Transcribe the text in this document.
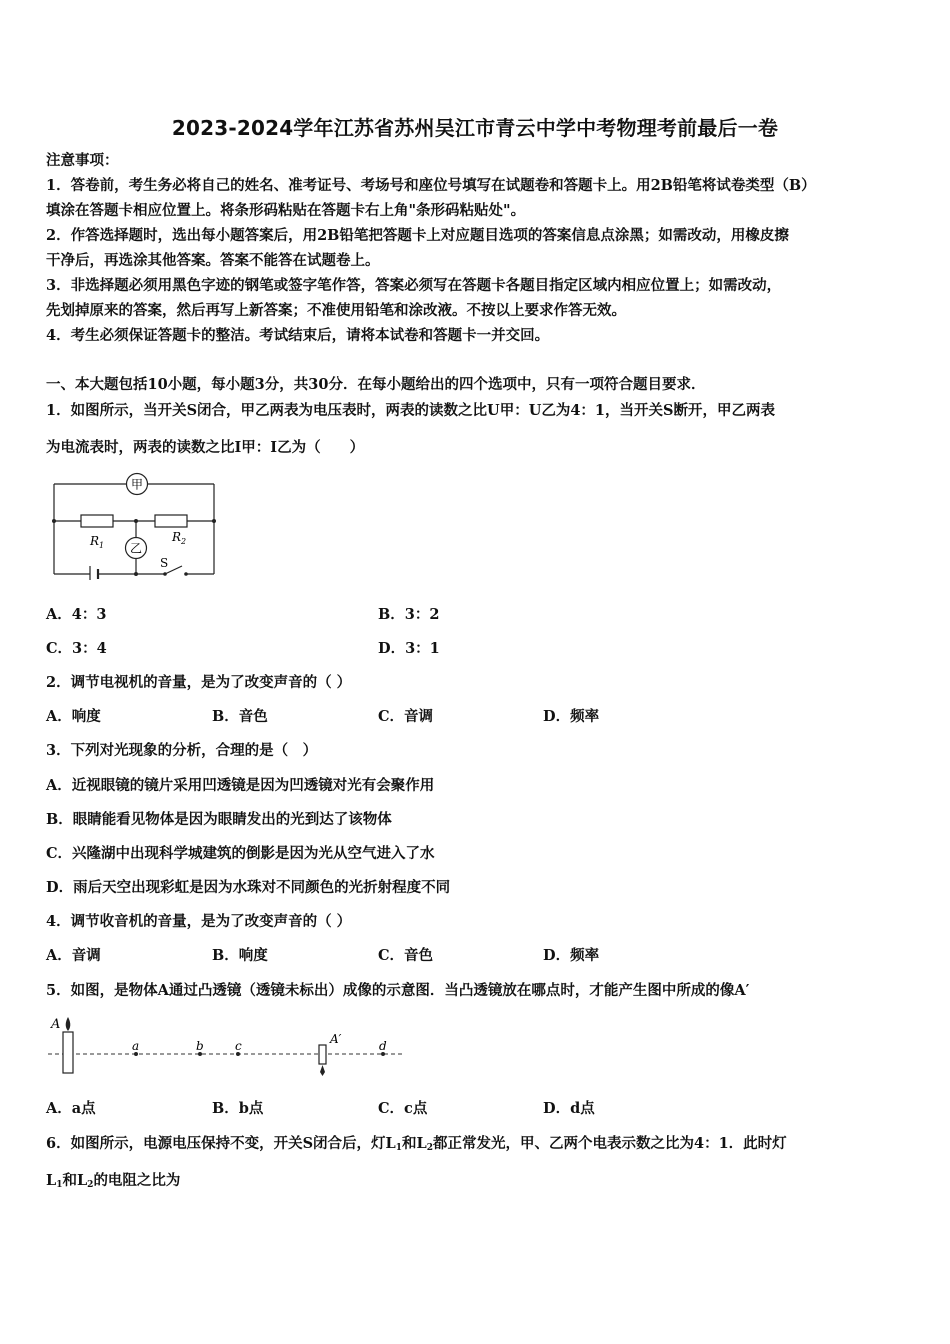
2023-2024学年江苏省苏州吴江市青云中学中考物理考前最后一卷
注意事项：
1．答卷前，考生务必将自己的姓名、准考证号、考场号和座位号填写在试题卷和答题卡上。用2B铅笔将试卷类型（B）
填涂在答题卡相应位置上。将条形码粘贴在答题卡右上角"条形码粘贴处"。
2．作答选择题时，选出每小题答案后，用2B铅笔把答题卡上对应题目选项的答案信息点涂黑；如需改动，用橡皮擦
干净后，再选涂其他答案。答案不能答在试题卷上。
3．非选择题必须用黑色字迹的钢笔或签字笔作答，答案必须写在答题卡各题目指定区域内相应位置上；如需改动，
先划掉原来的答案，然后再写上新答案；不准使用铅笔和涂改液。不按以上要求作答无效。
4．考生必须保证答题卡的整洁。考试结束后，请将本试卷和答题卡一并交回。
一、本大题包括10小题，每小题3分，共30分．在每小题给出的四个选项中，只有一项符合题目要求．
1．如图所示，当开关S闭合，甲乙两表为电压表时，两表的读数之比U甲：U乙为4：1，当开关S断开，甲乙两表
为电流表时，两表的读数之比I甲：I乙为（　　）
甲
乙
$R_1$
$R_2$
S
A．4：3	B．3：2
C．3：4	D．3：1
2．调节电视机的音量，是为了改变声音的（ ）
A．响度	B．音色	C．音调	D．频率
3．下列对光现象的分析，合理的是（　）
A．近视眼镜的镜片采用凹透镜是因为凹透镜对光有会聚作用
B．眼睛能看见物体是因为眼睛发出的光到达了该物体
C．兴隆湖中出现科学城建筑的倒影是因为光从空气进入了水
D．雨后天空出现彩虹是因为水珠对不同颜色的光折射程度不同
4．调节收音机的音量，是为了改变声音的（ ）
A．音调	B．响度	C．音色	D．频率
5．如图，是物体A通过凸透镜（透镜未标出）成像的示意图．当凸透镜放在哪点时，才能产生图中所成的像A′
A
A′
a	b	c	d
A．a点	B．b点	C．c点	D．d点
6．如图所示，电源电压保持不变，开关S闭合后，灯$L_1$和$L_2$都正常发光，甲、乙两个电表示数之比为4：1．此时灯
$L_1$和$L_2$的电阻之比为
